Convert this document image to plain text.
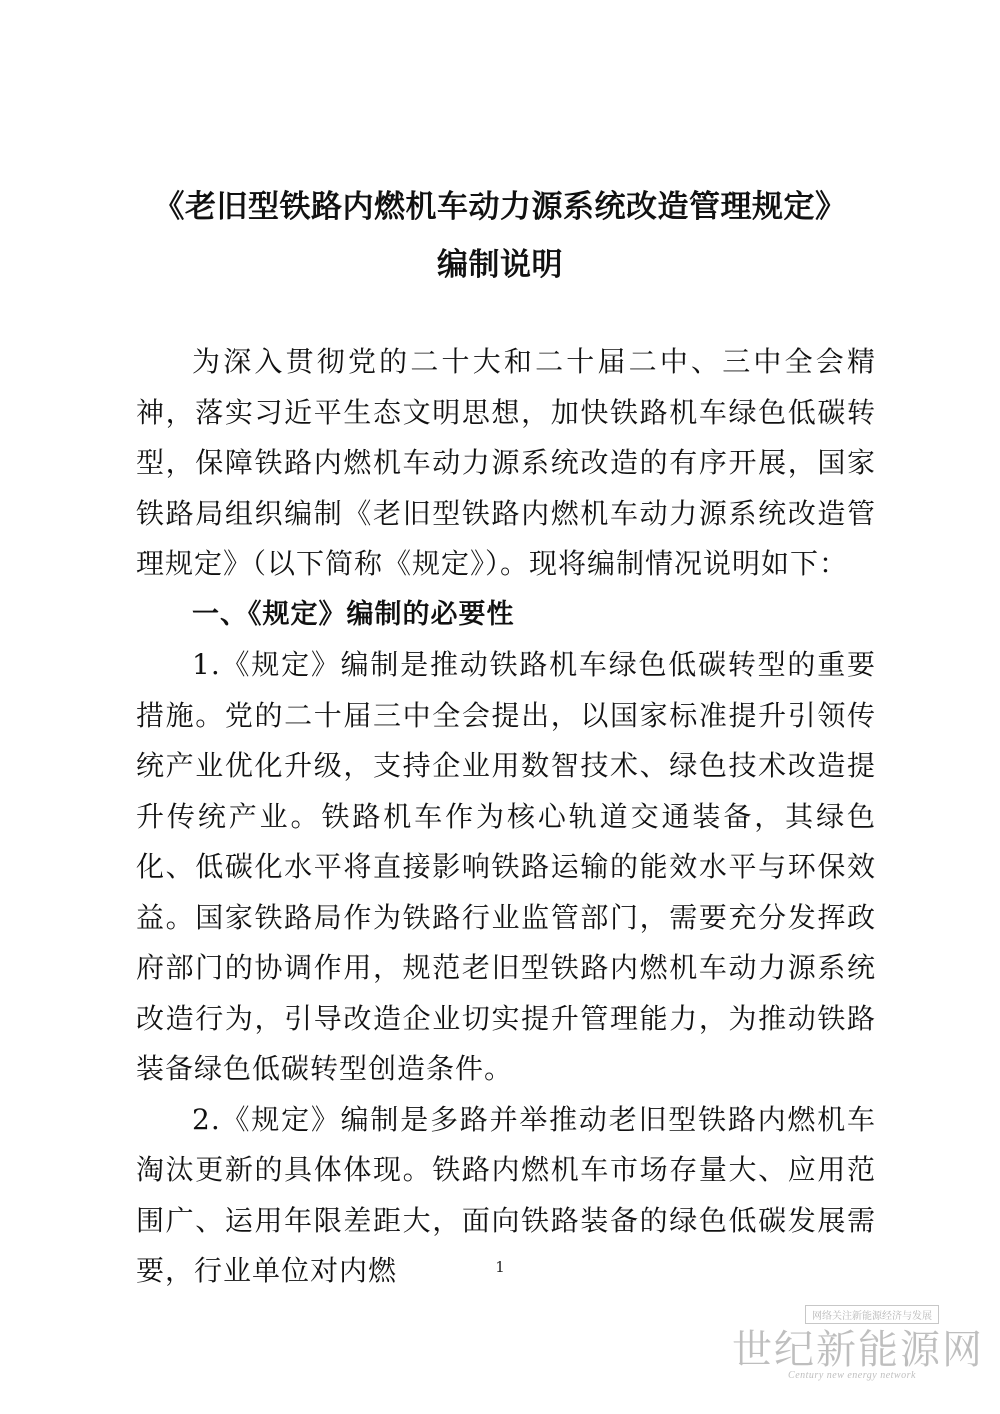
《老旧型铁路内燃机车动力源系统改造管理规定》
编制说明

为深入贯彻党的二十大和二十届二中、三中全会精神，落实习近平生态文明思想，加快铁路机车绿色低碳转型，保障铁路内燃机车动力源系统改造的有序开展，国家铁路局组织编制《老旧型铁路内燃机车动力源系统改造管理规定》（以下简称《规定》）。现将编制情况说明如下：

一、《规定》编制的必要性

1.《规定》编制是推动铁路机车绿色低碳转型的重要措施。党的二十届三中全会提出，以国家标准提升引领传统产业优化升级，支持企业用数智技术、绿色技术改造提升传统产业。铁路机车作为核心轨道交通装备，其绿色化、低碳化水平将直接影响铁路运输的能效水平与环保效益。国家铁路局作为铁路行业监管部门，需要充分发挥政府部门的协调作用，规范老旧型铁路内燃机车动力源系统改造行为，引导改造企业切实提升管理能力，为推动铁路装备绿色低碳转型创造条件。

2.《规定》编制是多路并举推动老旧型铁路内燃机车淘汰更新的具体体现。铁路内燃机车市场存量大、应用范围广、运用年限差距大，面向铁路装备的绿色低碳发展需要，行业单位对内燃	1
网络关注新能源经济与发展
世纪新能源网
Century new energy network
